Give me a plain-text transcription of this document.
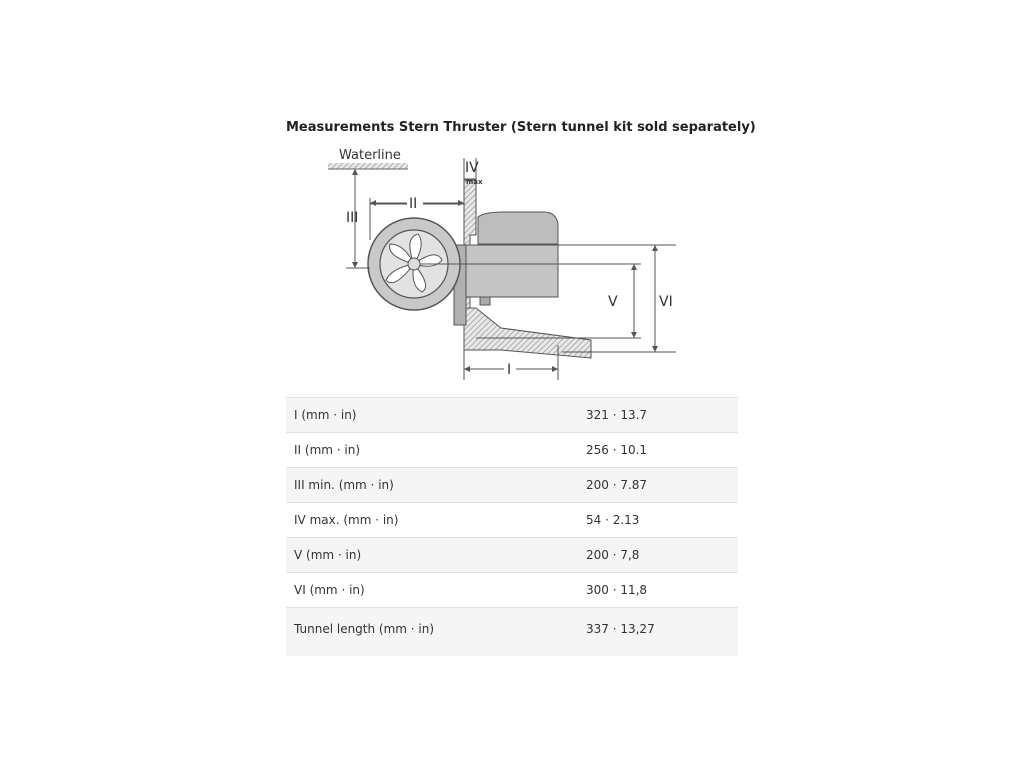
Measurements Stern Thruster (Stern tunnel kit sold separately)
Waterline
I
II
III
IV
max
V	VI
I (mm · in)	321 · 13.7
II (mm · in)	256 · 10.1
III min. (mm · in)	200 · 7.87
IV max. (mm · in)	54 · 2.13
V (mm · in)	200 · 7,8
VI (mm · in)	300 · 11,8
Tunnel length (mm · in)	337 · 13,27
